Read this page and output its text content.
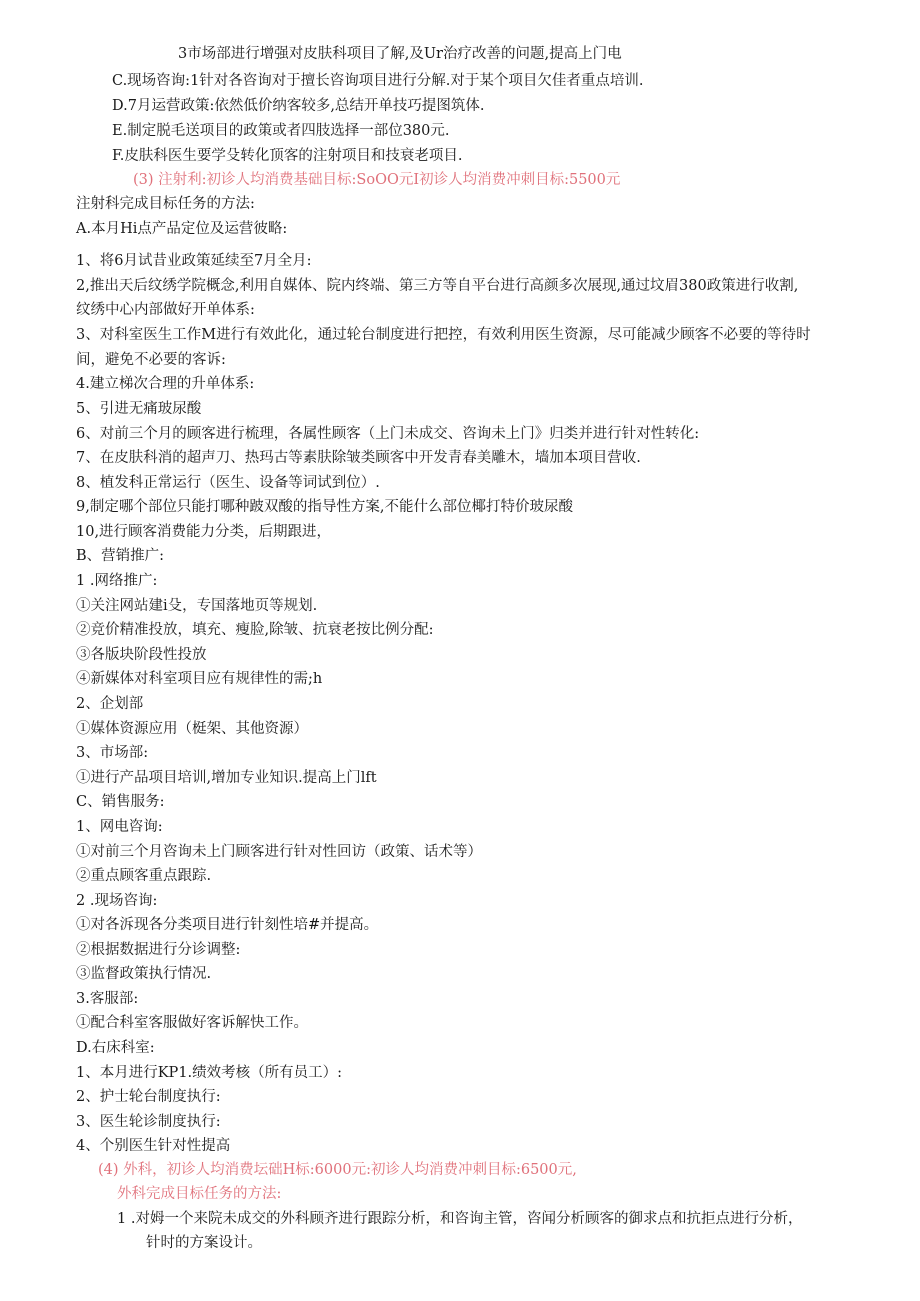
3市场部进行增强对皮肤科项目了解,及Ur治疗改善的问题,提高上门电
C.现场咨询:1针对各咨询对于擅长咨询项目进行分解.对于某个项目欠佳者重点培训.
D.7月运营政策:依然低价纳客较多,总结开单技巧提图筑体.
E.制定脱毛送项目的政策或者四肢选择一部位380元.
F.皮肤科医生要学殳转化顶客的注射项目和技衰老项目.
(3) 注射利:初诊人均消费基础目标:SoOO元I初诊人均消费冲刺目标:5500元
注射科完成目标任务的方法:
A.本月Hi点产品定位及运营彼略:
1、将6月试昔业政策延续至7月全月:
2,推出天后纹绣学院概念,利用自媒体、院内终端、第三方等自平台进行高颜多次展现,通过坟眉380政策进行收割,
纹绣中心内部做好开单体系:
3、对科室医生工作M进行有效此化，通过轮台制度进行把控，有效利用医生资源，尽可能减少顾客不必要的等待时
间，避免不必要的客诉:
4.建立梯次合理的升单体系:
5、引进无痛玻尿酸
6、对前三个月的顾客进行梳理，各属性顾客（上门未成交、咨询未上门》归类并进行针对性转化:
7、在皮肤科消的超声刀、热玛古等素肤除皱类顾客中开发青春美雕木，墙加本项目营收.
8、植发科正常运行（医生、设备等词试到位）.
9,制定哪个部位只能打哪种跛双酸的指导性方案,不能什么部位椰打特价玻尿酸
10,进行顾客消费能力分类，后期跟进，
B、营销推广:
1 .网络推广:
①关注网站建i殳，专国落地页等规划.
②竞价精准投放，填充、瘦脸,除皱、抗衰老按比例分配:
③各版块阶段性投放
④新媒体对科室项目应有规律性的需;h
2、企划部
①媒体资源应用（梃架、其他资源）
3、市场部:
①进行产品项目培训,增加专业知识.提高上门lft
C、销售服务:
1、网电咨询:
①对前三个月咨询未上门顾客进行针对性回访（政策、话术等）
②重点顾客重点跟踪.
2 .现场咨询:
①对各泝现各分类项目进行针刻性培#并提高。
②根据数据进行分诊调整:
③监督政策执行情况.
3.客服部:
①配合科室客服做好客诉解快工作。
D.右床科室:
1、本月进行KP1.绩效考核（所有员工）:
2、护士轮台制度执行:
3、医生轮诊制度执行:
4、个别医生针对性提高
(4) 外科，初诊人均消费坛础H标:6000元:初诊人均消费冲刺目标:6500元,
外科完成目标任务的方法:
1 .对姆一个来院未成交的外科顾齐进行跟踪分析，和咨询主管，咨闻分析顾客的御求点和抗拒点进行分析，
针时的方案设计。
